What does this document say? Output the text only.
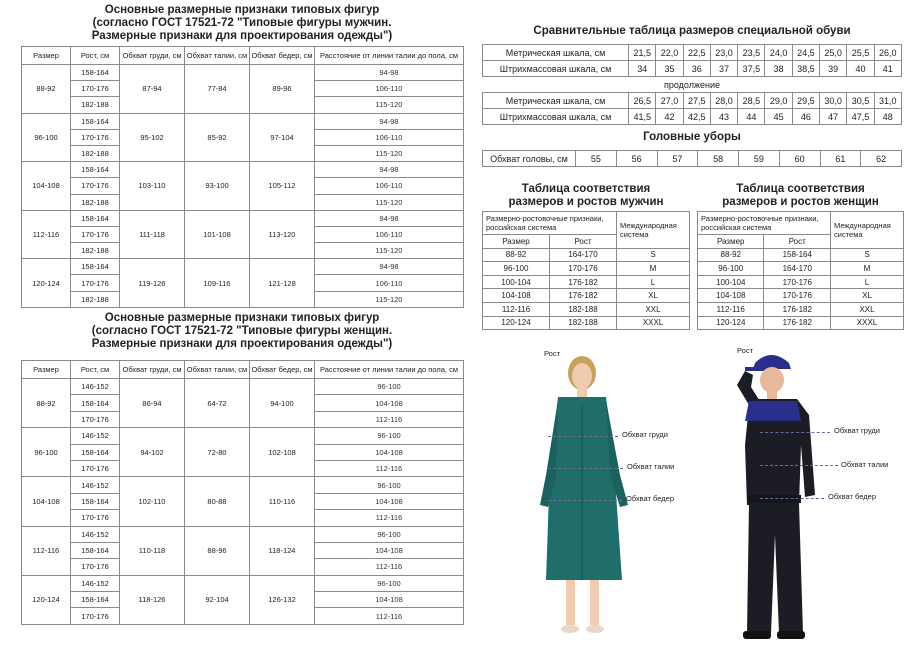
Основные размерные признаки типовых фигур
(согласно ГОСТ 17521-72 "Типовые фигуры мужчин.
Размерные признаки для проектирования одежды")
Размер	Рост, см	Обхват груди, см	Обхват талии, см	Обхват бедер, см	Расстояние от линии талии до пола, см
88-92	158-164	87-94	77-84	89-96	94-98
	170-176				106-110
	182-188				115-120
96-100	158-164	95-102	85-92	97-104	94-98
	170-176				106-110
	182-188				115-120
104-108	158-164	103-110	93-100	105-112	94-98
	170-176				106-110
	182-188				115-120
112-116	158-164	111-118	101-108	113-120	94-98
	170-176				106-110
	182-188				115-120
120-124	158-164	119-126	109-116	121-128	94-98
	170-176				106-110
	182-188				115-120
Основные размерные признаки типовых фигур
(согласно ГОСТ 17521-72 "Типовые фигуры женщин.
Размерные признаки для проектирования одежды")
Размер	Рост, см	Обхват груди, см	Обхват талии, см	Обхват бедер, см	Расстояние от линии талии до пола, см
88-92	146-152	86-94	64-72	94-100	96-100
	158-164				104-108
	170-176				112-116
96-100	146-152	94-102	72-80	102-108	96-100
	158-164				104-108
	170-176				112-116
104-108	146-152	102-110	80-88	110-116	96-100
	158-164				104-108
	170-176				112-116
112-116	146-152	110-118	88-96	118-124	96-100
	158-164				104-108
	170-176				112-116
120-124	146-152	118-126	92-104	126-132	96-100
	158-164				104-108
	170-176				112-116
Сравнительные таблица размеров специальной обуви
Метрическая шкала, см	21,5	22,0	22,5	23,0	23,5	24,0	24,5	25,0	25,5	26,0
Штрихмассовая шкала, см	34	35	36	37	37,5	38	38,5	39	40	41
продолжение										
Метрическая шкала, см	26,5	27,0	27,5	28,0	28,5	29,0	29,5	30,0	30,5	31,0
Штрихмассовая шкала, см	41,5	42	42,5	43	44	45	46	47	47,5	48
Головные уборы
Обхват головы, см	55	56	57	58	59	60	61	62
Таблица соответствия
размеров и ростов мужчин
Размерно-ростовочные признаки, российская система		Международная система
Размер	Рост	
88-92	164-170	S
96-100	170-176	M
100-104	176-182	L
104-108	176-182	XL
112-116	182-188	XXL
120-124	182-188	XXXL
Таблица соответствия
размеров и ростов женщин
Размерно-ростовочные признаки, российская система		Международная система
Размер	Рост	
88-92	158-164	S
96-100	164-170	M
100-104	170-176	L
104-108	170-176	XL
112-116	176-182	XXL
120-124	176-182	XXXL
Рост
Обхват груди
Обхват талии
Обхват бедер
Рост
Обхват груди
Обхват талии
Обхват бедер
